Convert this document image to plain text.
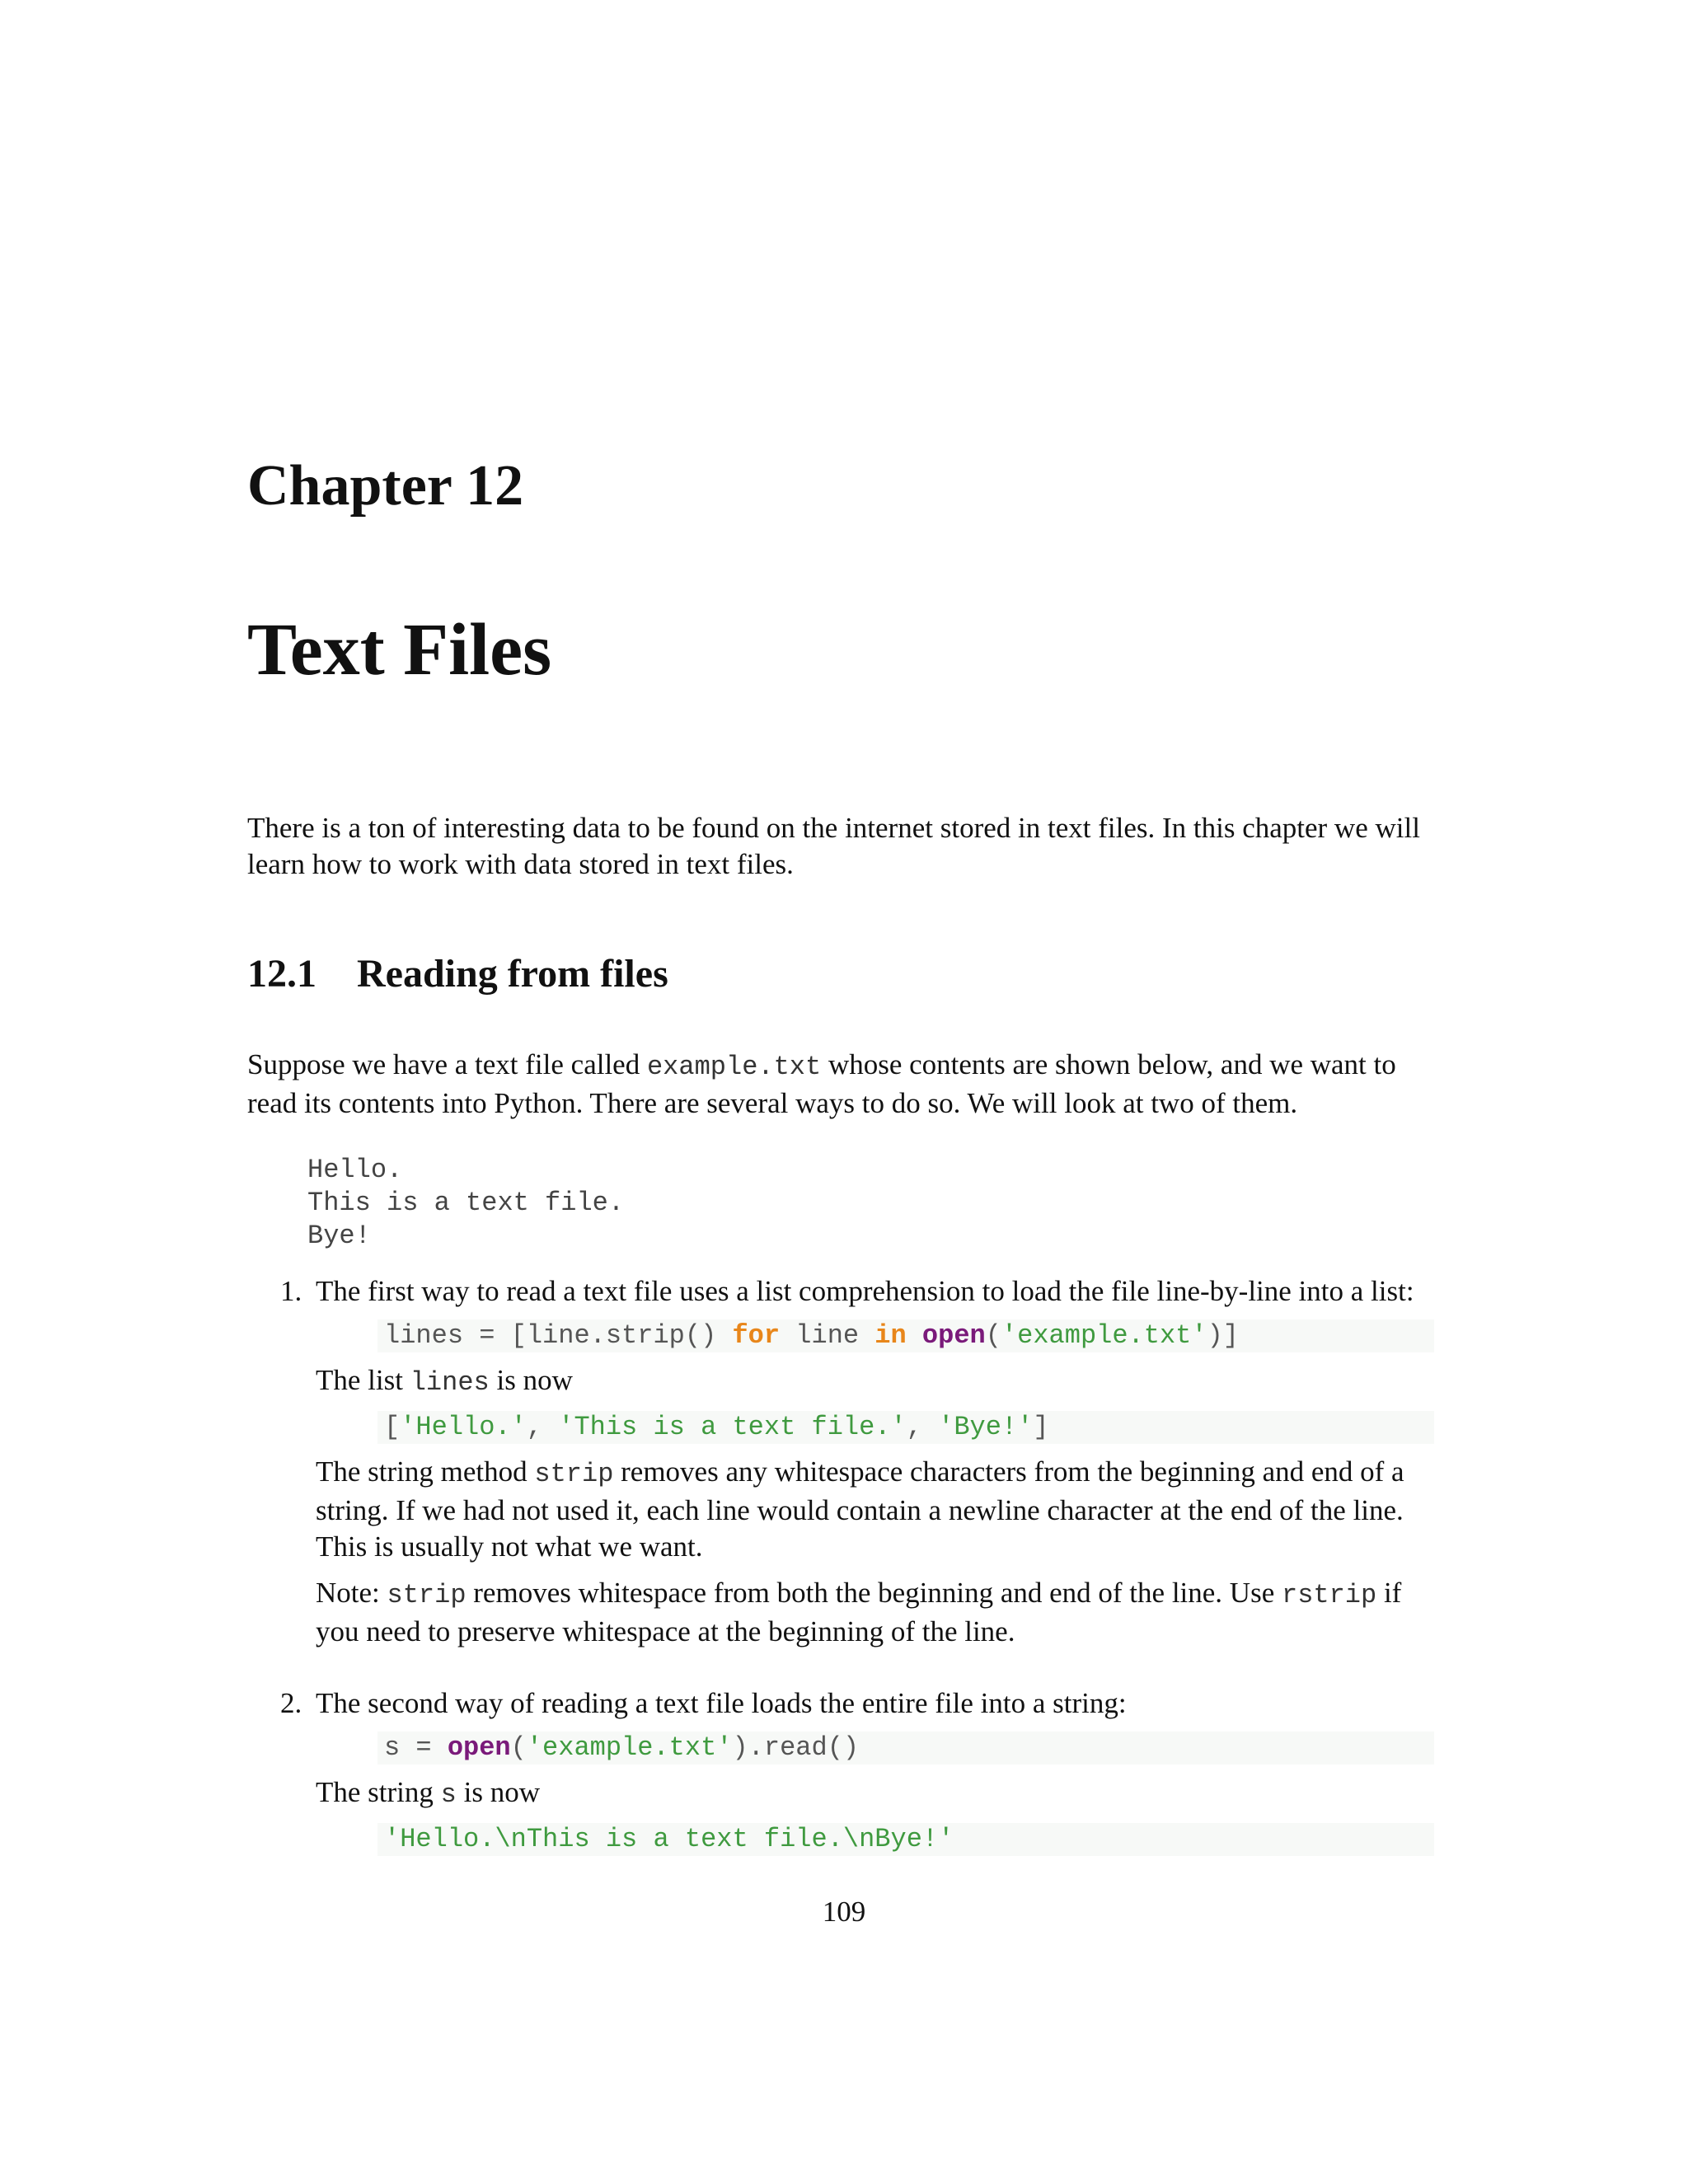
Chapter 12
Text Files

There is a ton of interesting data to be found on the internet stored in text files. In this chapter we will learn how to work with data stored in text files.

12.1 Reading from files

Suppose we have a text file called example.txt whose contents are shown below, and we want to read its contents into Python. There are several ways to do so. We will look at two of them.

Hello.
This is a text file.
Bye!
1. The first way to read a text file uses a list comprehension to load the file line-by-line into a list:

lines = [line.strip() for line in open('example.txt')]

The list lines is now

['Hello.', 'This is a text file.', 'Bye!']

The string method strip removes any whitespace characters from the beginning and end of a string. If we had not used it, each line would contain a newline character at the end of the line. This is usually not what we want.

Note: strip removes whitespace from both the beginning and end of the line. Use rstrip if you need to preserve whitespace at the beginning of the line.

2. The second way of reading a text file loads the entire file into a string:

s = open('example.txt').read()

The string s is now

'Hello.\nThis is a text file.\nBye!'

109
